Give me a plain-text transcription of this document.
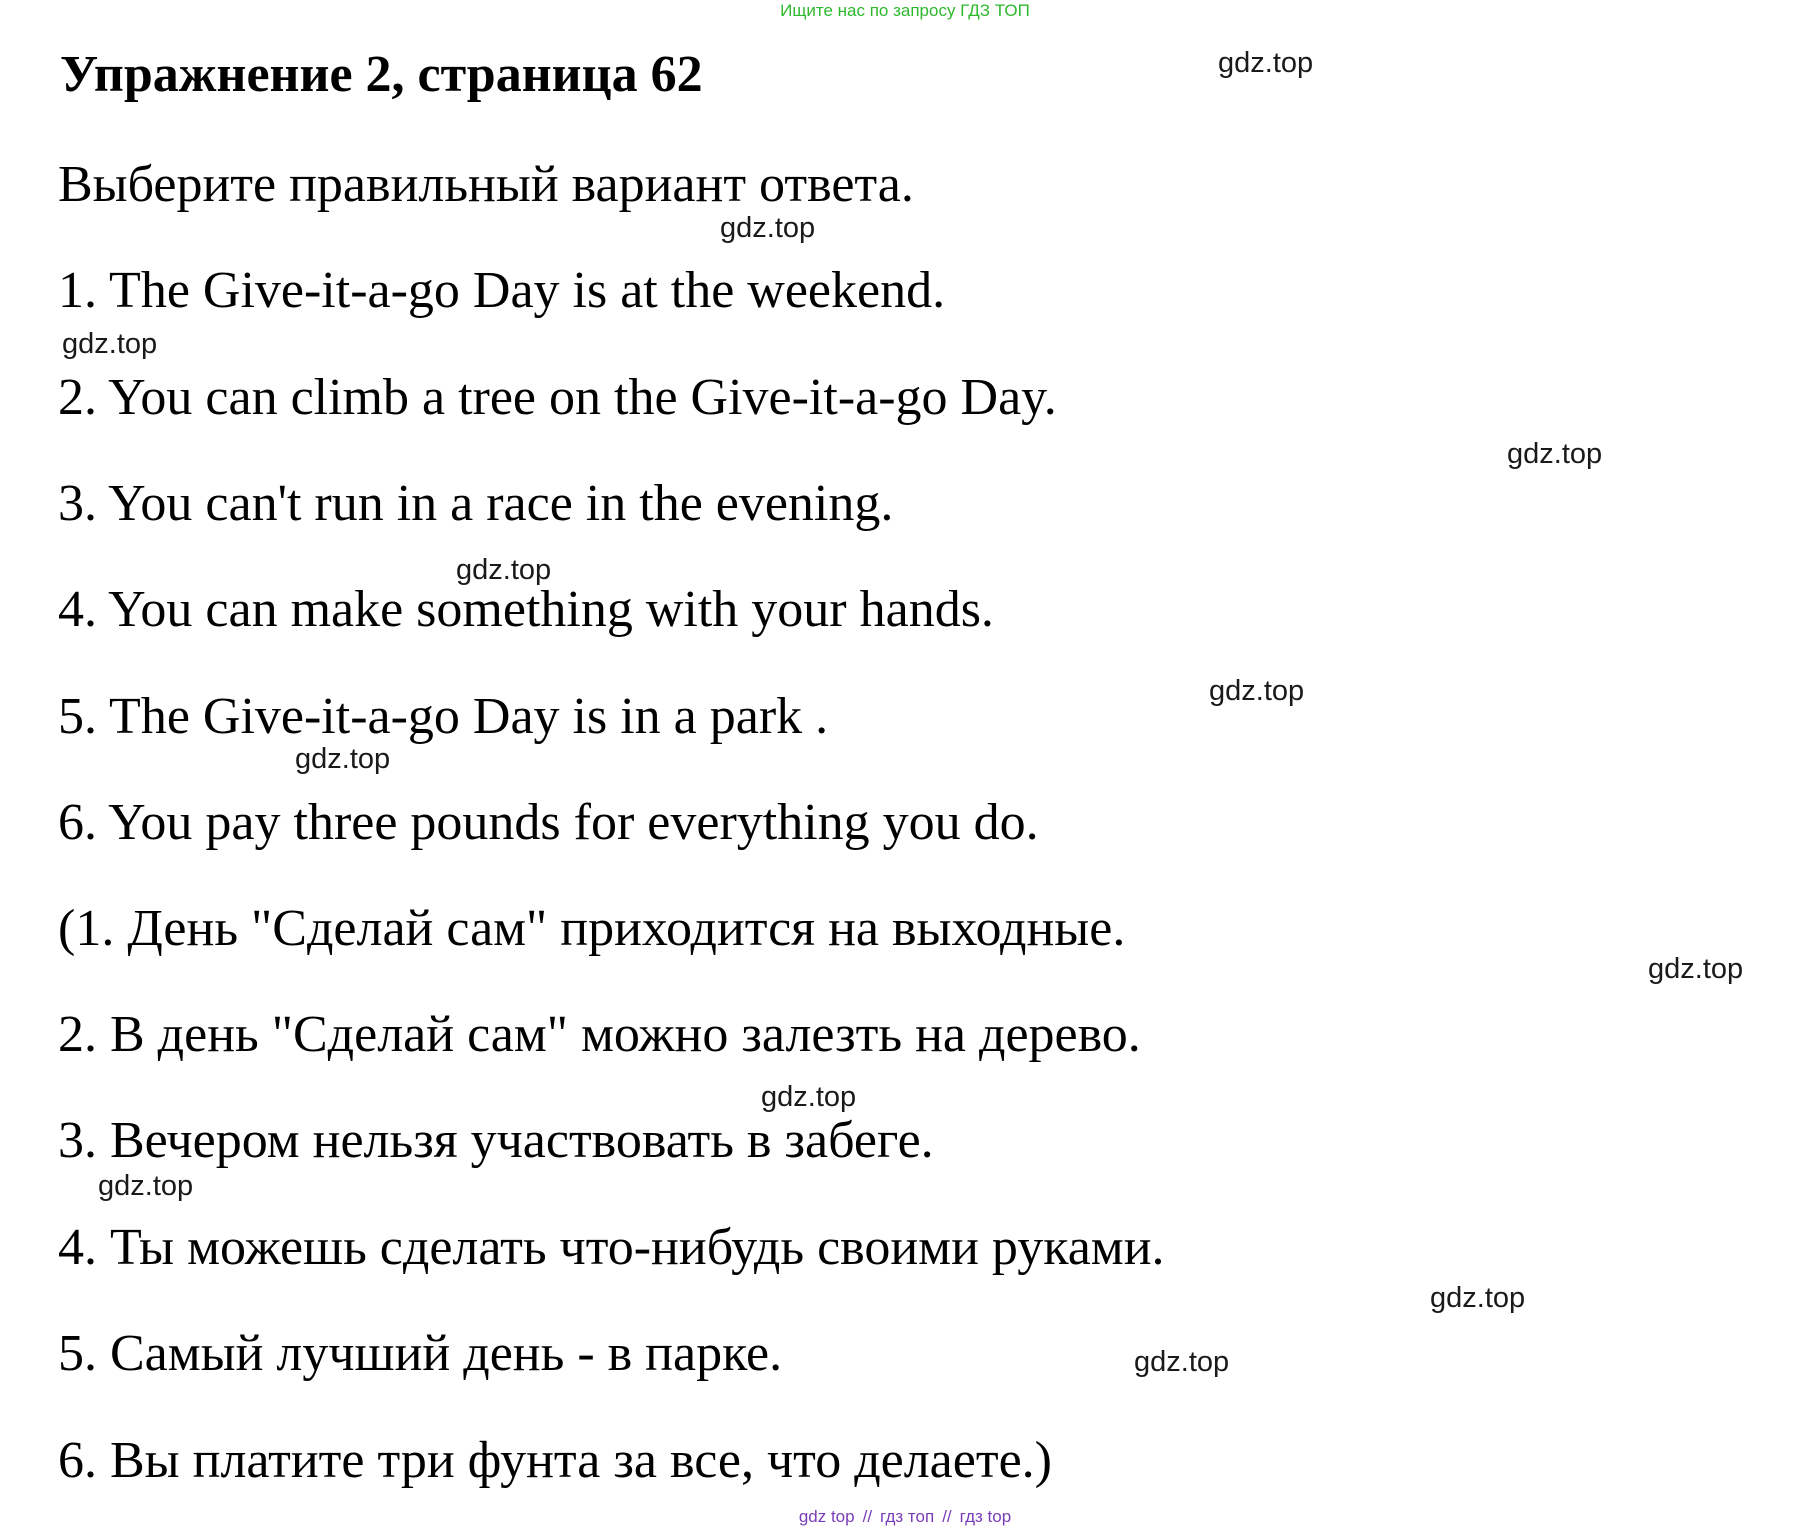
Ищите нас по запросу ГДЗ ТОП
Упражнение 2, страница 62
Выберите правильный вариант ответа.
1. The Give-it-a-go Day is at the weekend.
2. You can climb a tree on the Give-it-a-go Day.
3. You can't run in a race in the evening.
4. You can make something with your hands.
5. The Give-it-a-go Day is in a park .
6. You pay three pounds for everything you do.
(1. День "Сделай сам" приходится на выходные.
2. В день "Сделай сам" можно залезть на дерево.
3. Вечером нельзя участвовать в забеге.
4. Ты можешь сделать что-нибудь своими руками.
5. Самый лучший день - в парке.
6. Вы платите три фунта за все, что делаете.)
gdz.top
gdz.top
gdz.top
gdz.top
gdz.top
gdz.top
gdz.top
gdz.top
gdz.top
gdz.top
gdz.top
gdz.top
gdz top // гдз топ // гдз top
